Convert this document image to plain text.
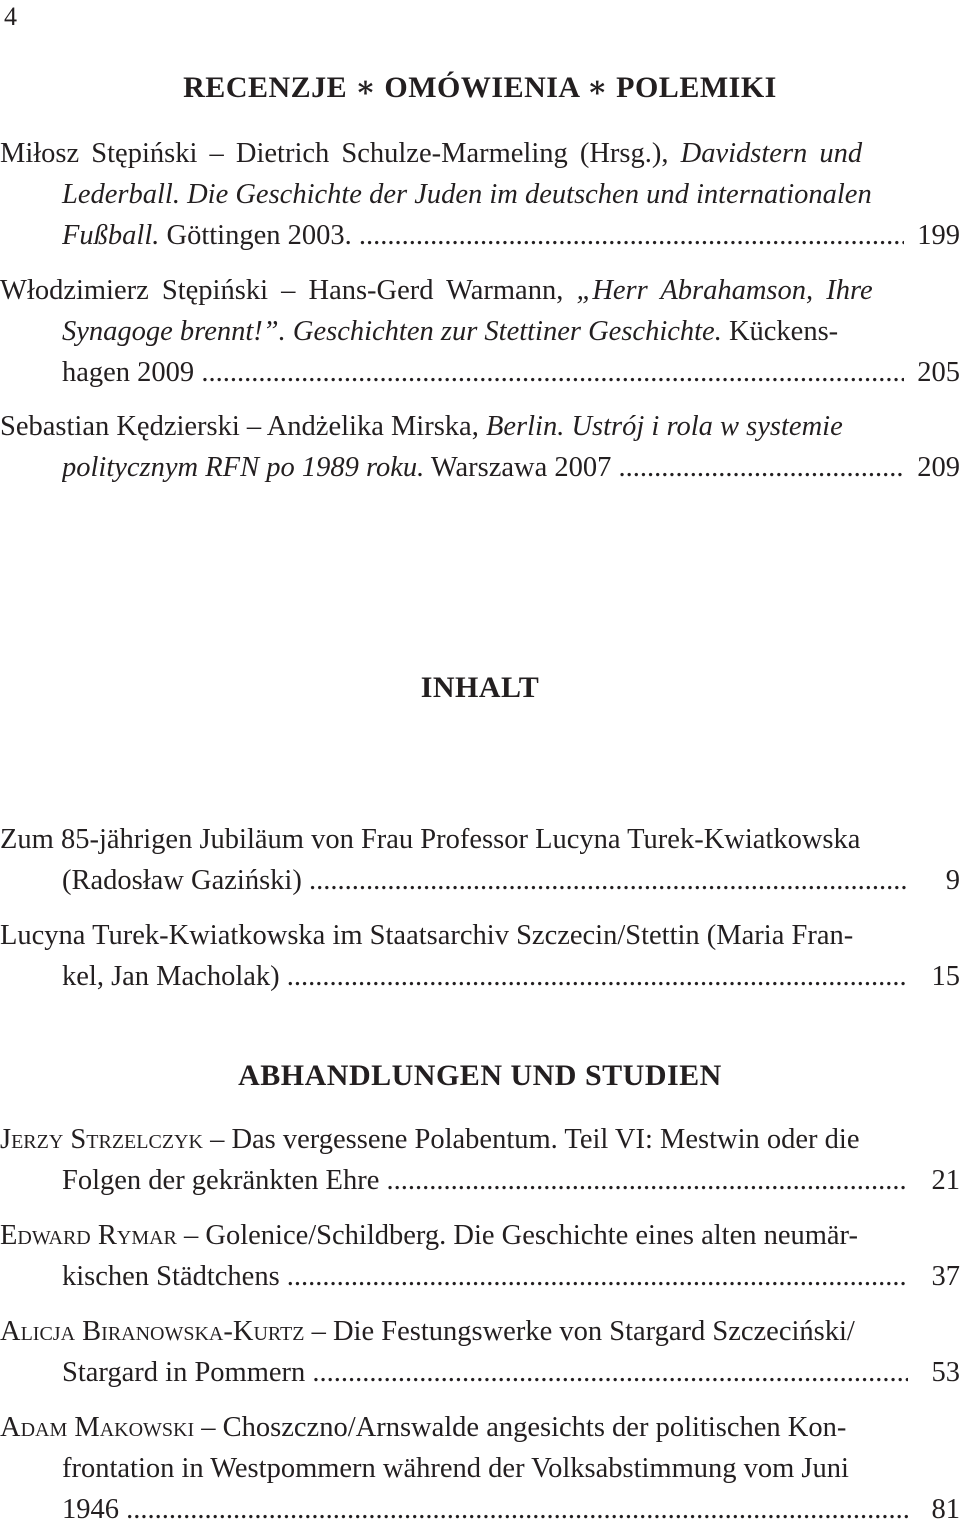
4
RECENZJE ∗ OMÓWIENIA ∗ POLEMIKI
Miłosz Stępiński – Dietrich Schulze-Marmeling (Hrsg.), Davidstern und
Lederball. Die Geschichte der Juden im deutschen und internationalen
Fußball. Göttingen 2003. .....	199
Włodzimierz Stępiński – Hans-Gerd Warmann, „Herr Abrahamson, Ihre
Synagoge brennt!”. Geschichten zur Stettiner Geschichte. Kückens-
hagen 2009 .....	205
Sebastian Kędzierski – Andżelika Mirska, Berlin. Ustrój i rola w systemie
politycznym RFN po 1989 roku. Warszawa 2007 .....	209
INHALT
Zum 85-jährigen Jubiläum von Frau Professor Lucyna Turek-Kwiatkowska
(Radosław Gaziński) .....	9
Lucyna Turek-Kwiatkowska im Staatsarchiv Szczecin/Stettin (Maria Fran-
kel, Jan Macholak) .....	15
ABHANDLUNGEN UND STUDIEN
Jerzy Strzelczyk – Das vergessene Polabentum. Teil VI: Mestwin oder die
Folgen der gekränkten Ehre .....	21
Edward Rymar – Golenice/Schildberg. Die Geschichte eines alten neumär-
kischen Städtchens .....	37
Alicja Biranowska-Kurtz – Die Festungswerke von Stargard Szczeciński/
Stargard in Pommern .....	53
Adam Makowski – Choszczno/Arnswalde angesichts der politischen Kon-
frontation in Westpommern während der Volksabstimmung vom Juni
1946 .....	81
